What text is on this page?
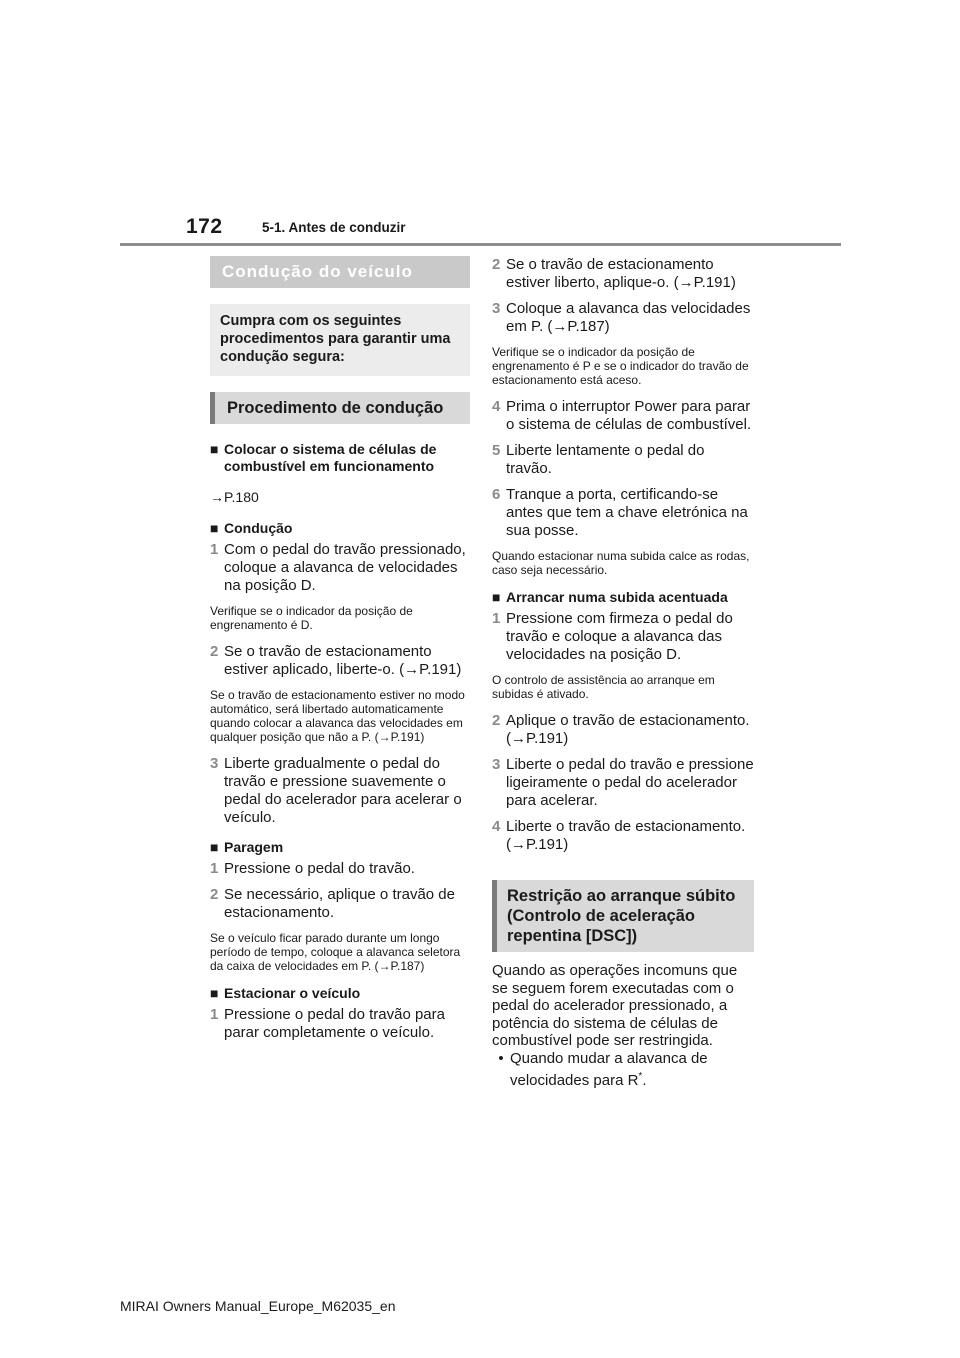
172	5-1. Antes de conduzir
Condução do veículo
Cumpra com os seguintes procedimentos para garantir uma condução segura:
Procedimento de condução
■ Colocar o sistema de células de combustível em funcionamento
→P.180
■ Condução
1 Com o pedal do travão pressionado, coloque a alavanca de velocidades na posição D.
Verifique se o indicador da posição de engrenamento é D.
2 Se o travão de estacionamento estiver aplicado, liberte-o. (→P.191)
Se o travão de estacionamento estiver no modo automático, será libertado automaticamente quando colocar a alavanca das velocidades em qualquer posição que não a P. (→P.191)
3 Liberte gradualmente o pedal do travão e pressione suavemente o pedal do acelerador para acelerar o veículo.
■ Paragem
1 Pressione o pedal do travão.
2 Se necessário, aplique o travão de estacionamento.
Se o veículo ficar parado durante um longo período de tempo, coloque a alavanca seletora da caixa de velocidades em P. (→P.187)
■ Estacionar o veículo
1 Pressione o pedal do travão para parar completamente o veículo.
2 Se o travão de estacionamento estiver liberto, aplique-o. (→P.191)
3 Coloque a alavanca das velocidades em P. (→P.187)
Verifique se o indicador da posição de engrenamento é P e se o indicador do travão de estacionamento está aceso.
4 Prima o interruptor Power para parar o sistema de células de combustível.
5 Liberte lentamente o pedal do travão.
6 Tranque a porta, certificando-se antes que tem a chave eletrónica na sua posse.
Quando estacionar numa subida calce as rodas, caso seja necessário.
■ Arrancar numa subida acentuada
1 Pressione com firmeza o pedal do travão e coloque a alavanca das velocidades na posição D.
O controlo de assistência ao arranque em subidas é ativado.
2 Aplique o travão de estacionamento. (→P.191)
3 Liberte o pedal do travão e pressione ligeiramente o pedal do acelerador para acelerar.
4 Liberte o travão de estacionamento. (→P.191)
Restrição ao arranque súbito (Controlo de aceleração repentina [DSC])
Quando as operações incomuns que se seguem forem executadas com o pedal do acelerador pressionado, a potência do sistema de células de combustível pode ser restringida.
• Quando mudar a alavanca de velocidades para R*.
MIRAI Owners Manual_Europe_M62035_en
